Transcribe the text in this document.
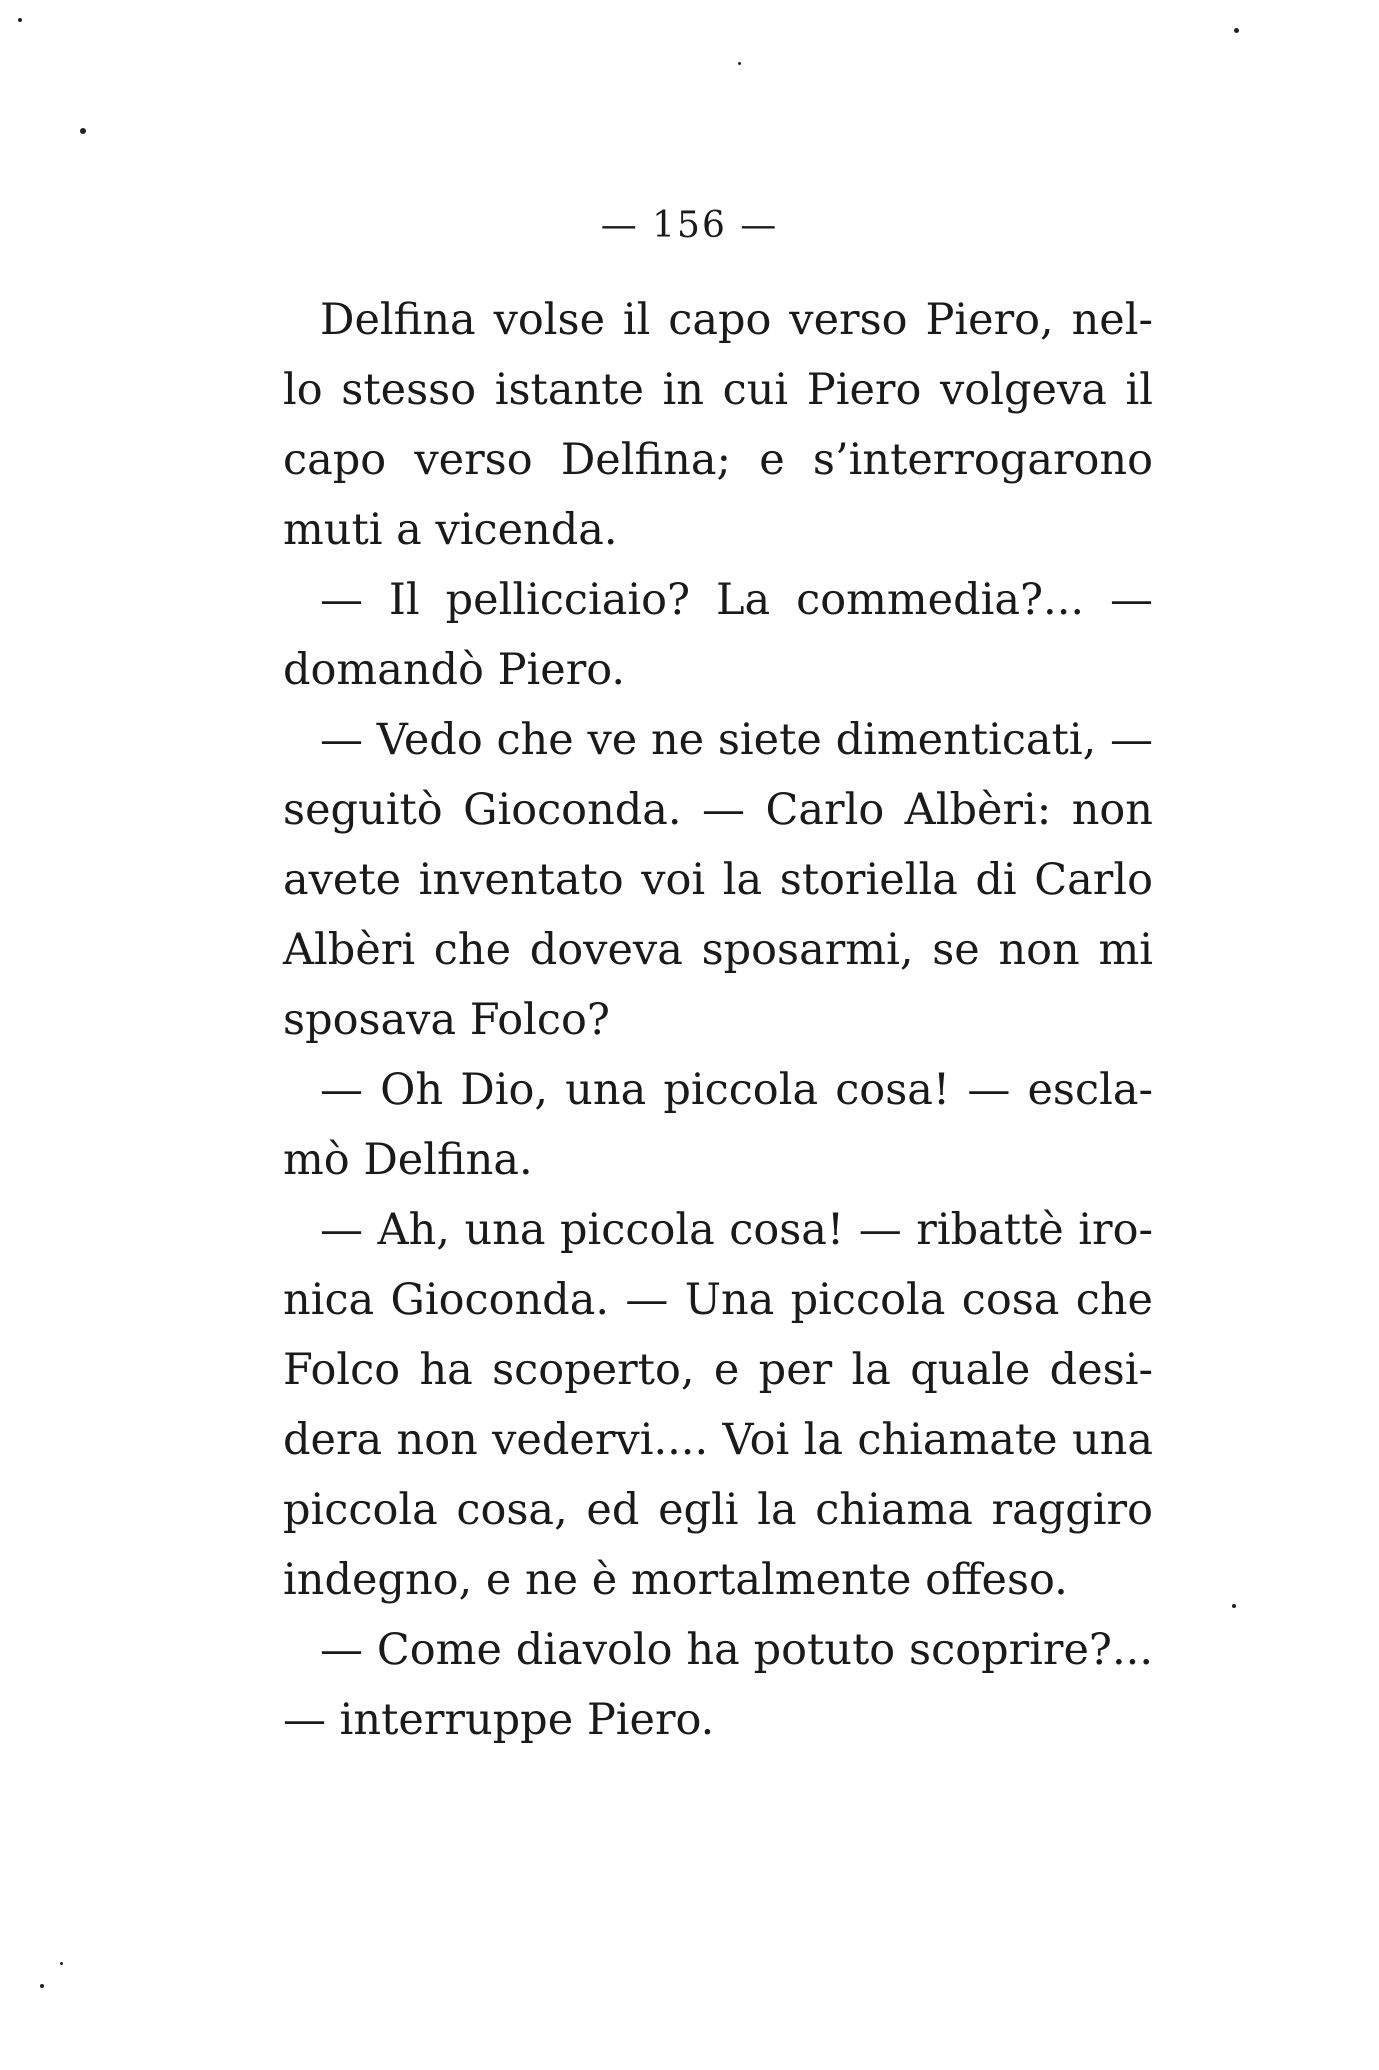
— 156 —
Delfina volse il capo verso Piero, nel-
lo stesso istante in cui Piero volgeva il
capo verso Delfina; e s’interrogarono
muti a vicenda.
— Il pellicciaio? La commedia?... —
domandò Piero.
— Vedo che ve ne siete dimenticati, —
seguitò Gioconda. — Carlo Albèri: non
avete inventato voi la storiella di Carlo
Albèri che doveva sposarmi, se non mi
sposava Folco?
— Oh Dio, una piccola cosa! — escla-
mò Delfina.
— Ah, una piccola cosa! — ribattè iro-
nica Gioconda. — Una piccola cosa che
Folco ha scoperto, e per la quale desi-
dera non vedervi.... Voi la chiamate una
piccola cosa, ed egli la chiama raggiro
indegno, e ne è mortalmente offeso.
— Come diavolo ha potuto scoprire?...
— interruppe Piero.
